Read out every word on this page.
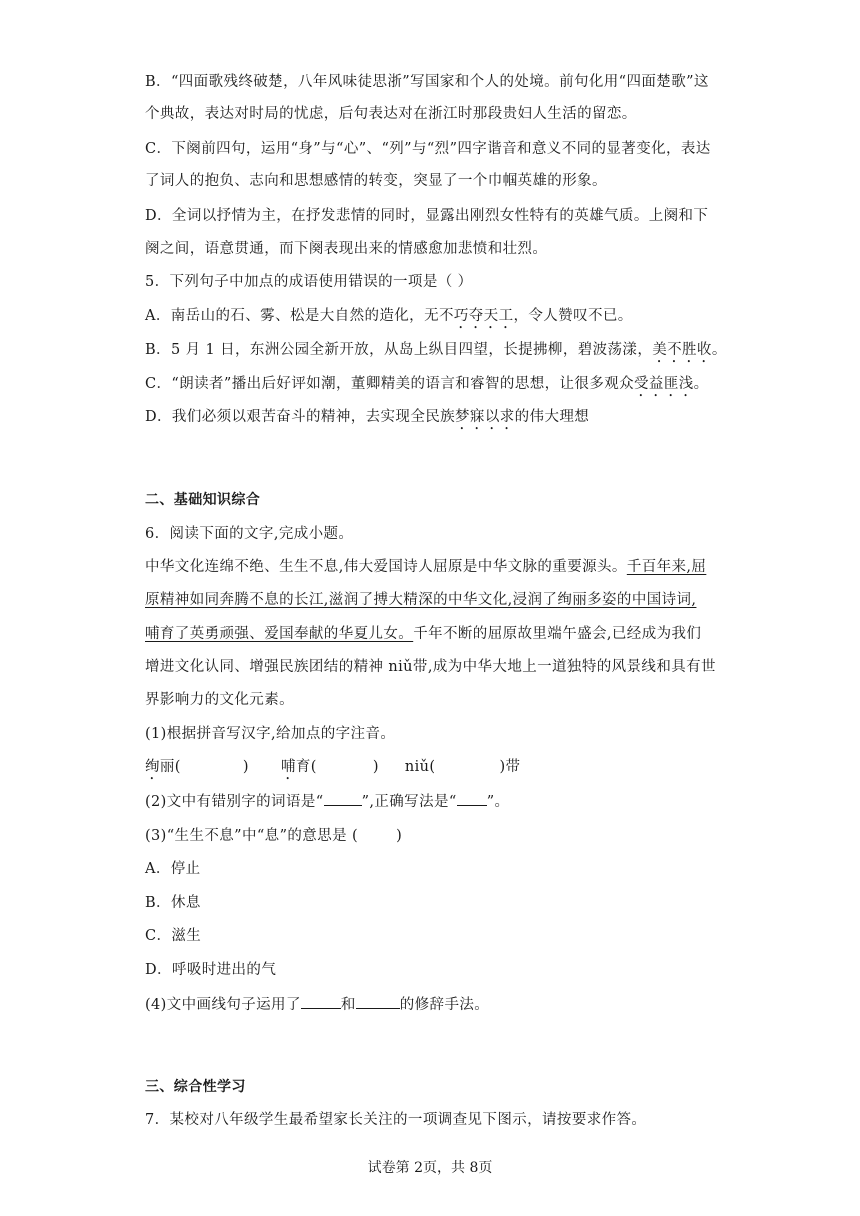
B．“四面歌残终破楚，八年风味徒思浙”写国家和个人的处境。前句化用“四面楚歌”这
个典故，表达对时局的忧虑，后句表达对在浙江时那段贵妇人生活的留恋。
C．下阕前四句，运用“身”与“心”、“列”与“烈”四字谐音和意义不同的显著变化，表达
了词人的抱负、志向和思想感情的转变，突显了一个巾帼英雄的形象。
D．全词以抒情为主，在抒发悲情的同时，显露出刚烈女性特有的英雄气质。上阕和下
阕之间，语意贯通，而下阕表现出来的情感愈加悲愤和壮烈。
5．下列句子中加点的成语使用错误的一项是（ ）
A．南岳山的石、雾、松是大自然的造化，无不巧夺天工，令人赞叹不已。
B．5 月 1 日，东洲公园全新开放，从岛上纵目四望，长提拂柳，碧波荡漾，美不胜收。
C．“朗读者”播出后好评如潮，董卿精美的语言和睿智的思想，让很多观众受益匪浅。
D．我们必须以艰苦奋斗的精神，去实现全民族梦寐以求的伟大理想
二、基础知识综合
6．阅读下面的文字,完成小题。
中华文化连绵不绝、生生不息,伟大爱国诗人屈原是中华文脉的重要源头。千百年来,屈
原精神如同奔腾不息的长江,滋润了搏大精深的中华文化,浸润了绚丽多姿的中国诗词,
哺育了英勇顽强、爱国奉献的华夏儿女。千年不断的屈原故里端午盛会,已经成为我们
增进文化认同、增强民族团结的精神 niǔ带,成为中华大地上一道独特的风景线和具有世
界影响力的文化元素。
(1)根据拼音写汉字,给加点的字注音。
绚丽(	) 哺育(	) niǔ(	)带
(2)文中有错别字的词语是“	”,正确写法是“ ”。
(3)“生生不息”中“息”的意思是 (	)
A．停止
B．休息
C．滋生
D．呼吸时进出的气
(4)文中画线句子运用了	和	的修辞手法。
三、综合性学习
7．某校对八年级学生最希望家长关注的一项调查见下图示，请按要求作答。
试卷第 2页，共 8页
